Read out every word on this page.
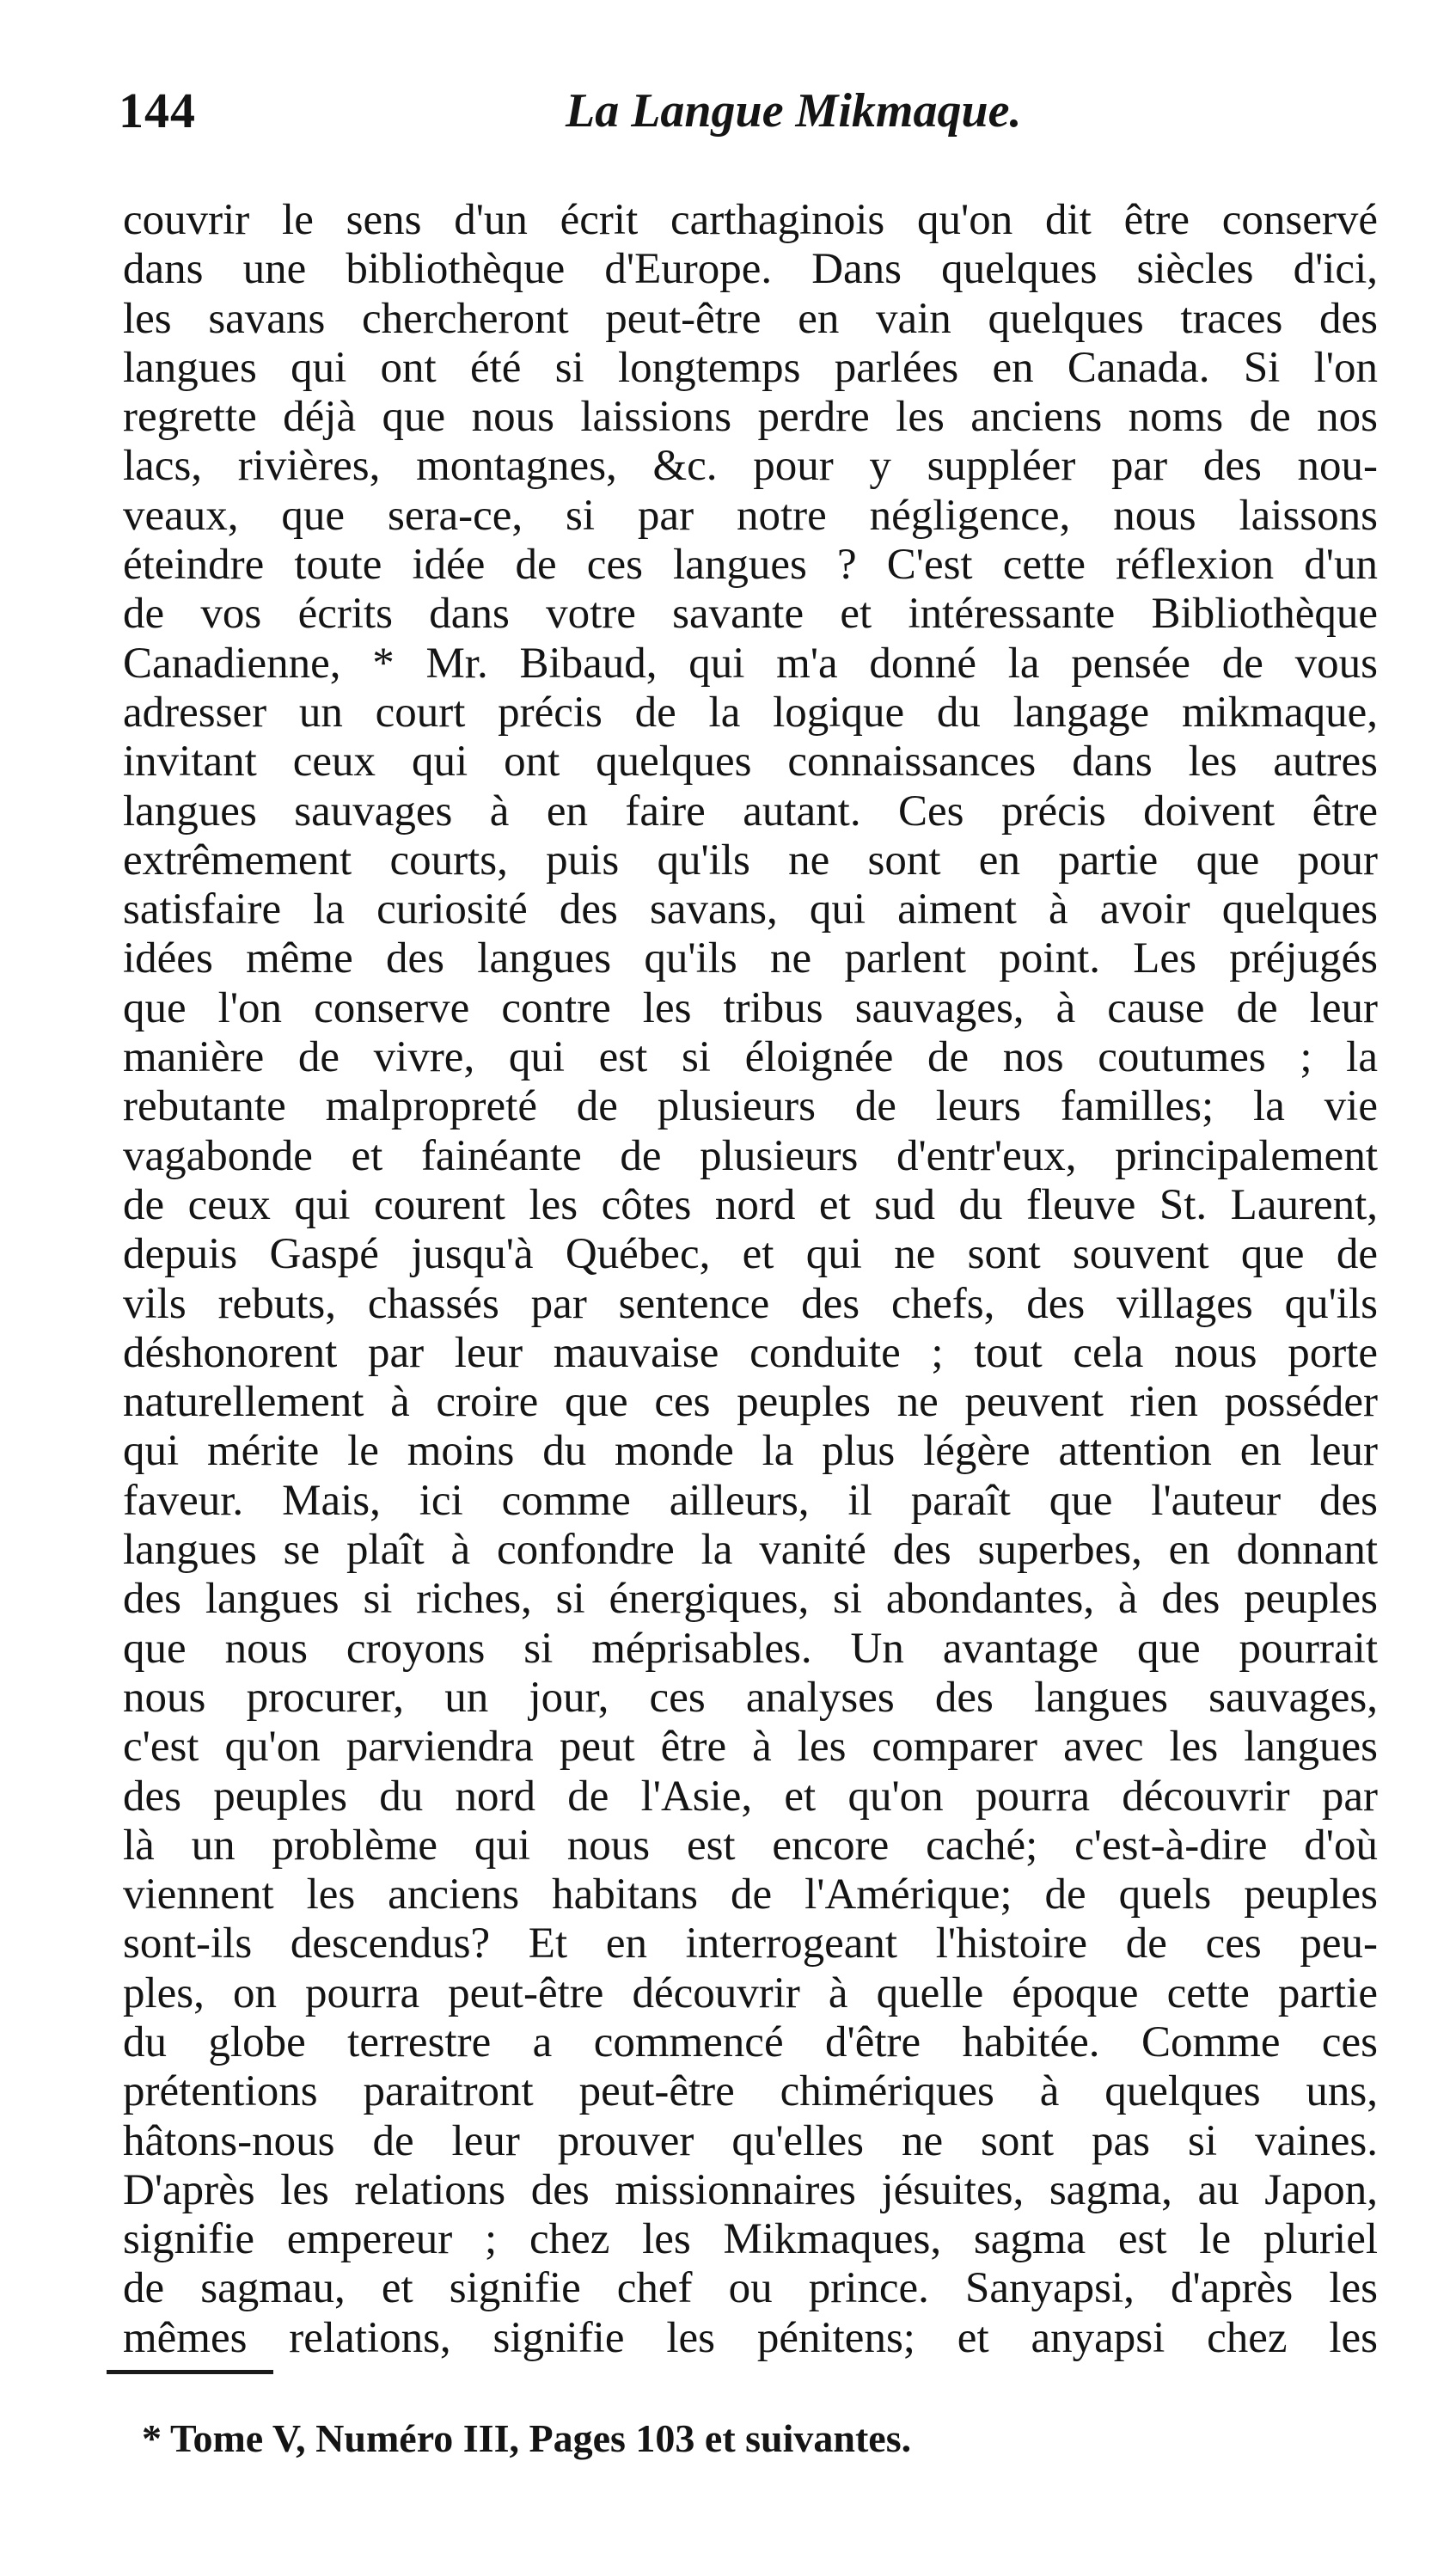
144	La Langue Mikmaque.
couvrir le sens d'un écrit carthaginois qu'on dit être conservé
dans une bibliothèque d'Europe. Dans quelques siècles d'ici,
les savans chercheront peut-être en vain quelques traces des
langues qui ont été si longtemps parlées en Canada. Si l'on
regrette déjà que nous laissions perdre les anciens noms de nos
lacs, rivières, montagnes, &c. pour y suppléer par des nou-
veaux, que sera-ce, si par notre négligence, nous laissons
éteindre toute idée de ces langues ? C'est cette réflexion d'un
de vos écrits dans votre savante et intéressante Bibliothèque
Canadienne, * Mr. Bibaud, qui m'a donné la pensée de vous
adresser un court précis de la logique du langage mikmaque,
invitant ceux qui ont quelques connaissances dans les autres
langues sauvages à en faire autant. Ces précis doivent être
extrêmement courts, puis qu'ils ne sont en partie que pour
satisfaire la curiosité des savans, qui aiment à avoir quelques
idées même des langues qu'ils ne parlent point. Les préjugés
que l'on conserve contre les tribus sauvages, à cause de leur
manière de vivre, qui est si éloignée de nos coutumes ; la
rebutante malpropreté de plusieurs de leurs familles; la vie
vagabonde et fainéante de plusieurs d'entr'eux, principalement
de ceux qui courent les côtes nord et sud du fleuve St. Laurent,
depuis Gaspé jusqu'à Québec, et qui ne sont souvent que de
vils rebuts, chassés par sentence des chefs, des villages qu'ils
déshonorent par leur mauvaise conduite ; tout cela nous porte
naturellement à croire que ces peuples ne peuvent rien posséder
qui mérite le moins du monde la plus légère attention en leur
faveur. Mais, ici comme ailleurs, il paraît que l'auteur des
langues se plaît à confondre la vanité des superbes, en donnant
des langues si riches, si énergiques, si abondantes, à des peuples
que nous croyons si méprisables. Un avantage que pourrait
nous procurer, un jour, ces analyses des langues sauvages,
c'est qu'on parviendra peut être à les comparer avec les langues
des peuples du nord de l'Asie, et qu'on pourra découvrir par
là un problème qui nous est encore caché; c'est-à-dire d'où
viennent les anciens habitans de l'Amérique; de quels peuples
sont-ils descendus? Et en interrogeant l'histoire de ces peu-
ples, on pourra peut-être découvrir à quelle époque cette partie
du globe terrestre a commencé d'être habitée. Comme ces
prétentions paraitront peut-être chimériques à quelques uns,
hâtons-nous de leur prouver qu'elles ne sont pas si vaines.
D'après les relations des missionnaires jésuites, sagma, au Japon,
signifie empereur ; chez les Mikmaques, sagma est le pluriel
de sagmau, et signifie chef ou prince. Sanyapsi, d'après les
mêmes relations, signifie les pénitens; et anyapsi chez les
* Tome V, Numéro III, Pages 103 et suivantes.
